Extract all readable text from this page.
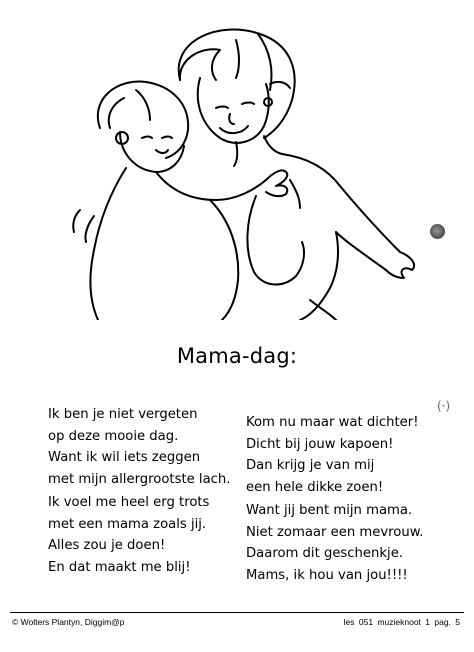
Mama-dag:
Ik ben je niet vergeten
op deze mooie dag.
Want ik wil iets zeggen
met mijn allergrootste lach.
Ik voel me heel erg trots
met een mama zoals jij.
Alles zou je doen!
En dat maakt me blij!
Kom nu maar wat dichter!
Dicht bij jouw kapoen!
Dan krijg je van mij
een hele dikke zoen!
Want jij bent mijn mama.
Niet zomaar een mevrouw.
Daarom dit geschenkje.
Mams, ik hou van jou!!!!
(·)
© Wolters Plantyn, Diggim@p	les 051 muzieknoot 1 pag. 5
